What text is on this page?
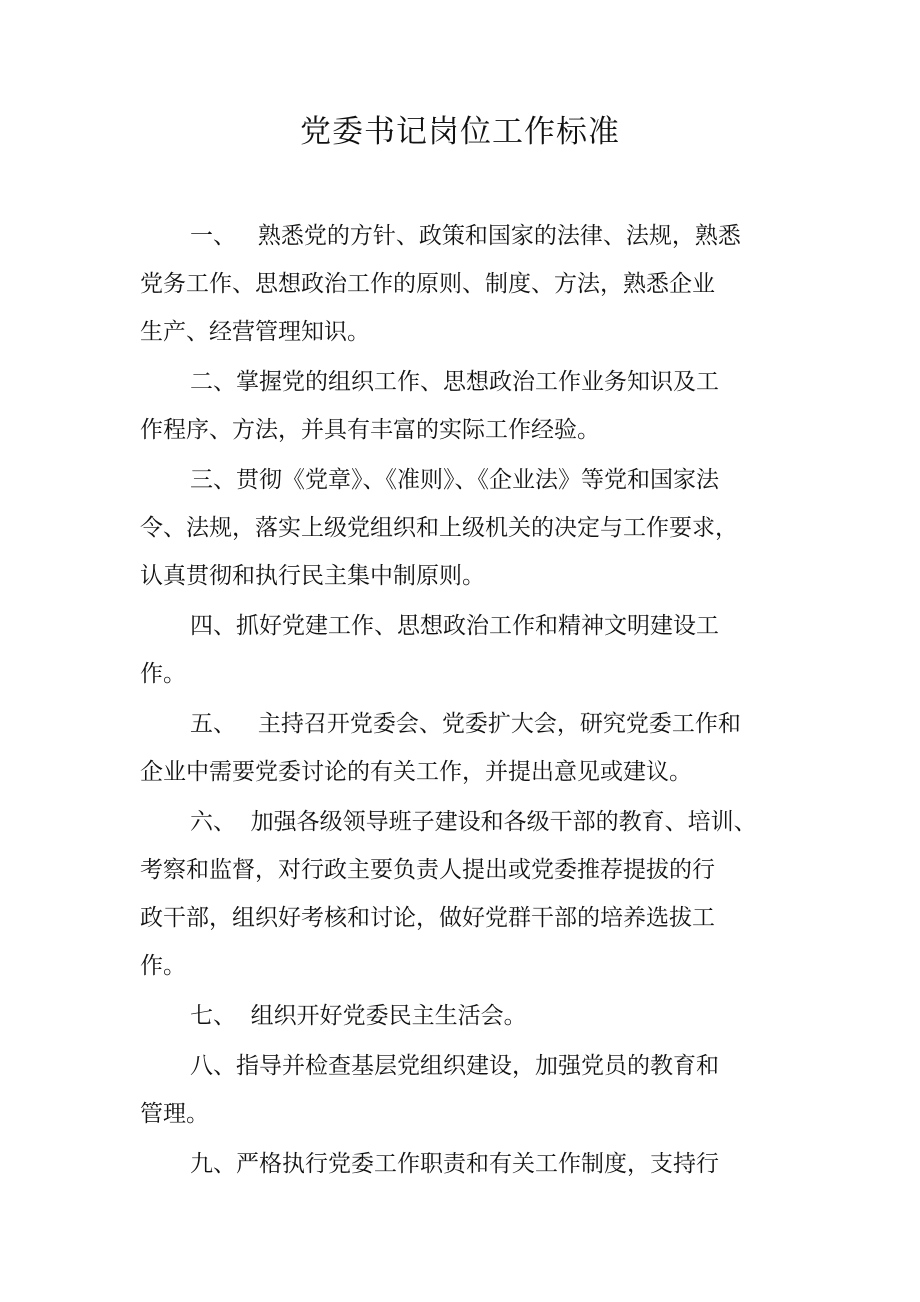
党委书记岗位工作标准
一、   熟悉党的方针、政策和国家的法律、法规，熟悉
党务工作、思想政治工作的原则、制度、方法，熟悉企业
生产、经营管理知识。
二、掌握党的组织工作、思想政治工作业务知识及工
作程序、方法，并具有丰富的实际工作经验。
三、贯彻《党章》、《准则》、《企业法》等党和国家法
令、法规，落实上级党组织和上级机关的决定与工作要求，
认真贯彻和执行民主集中制原则。
四、抓好党建工作、思想政治工作和精神文明建设工
作。
五、   主持召开党委会、党委扩大会，研究党委工作和
企业中需要党委讨论的有关工作，并提出意见或建议。
六、  加强各级领导班子建设和各级干部的教育、培训、
考察和监督，对行政主要负责人提出或党委推荐提拔的行
政干部，组织好考核和讨论，做好党群干部的培养选拔工
作。
七、  组织开好党委民主生活会。
八、指导并检查基层党组织建设，加强党员的教育和
管理。
九、严格执行党委工作职责和有关工作制度，支持行
